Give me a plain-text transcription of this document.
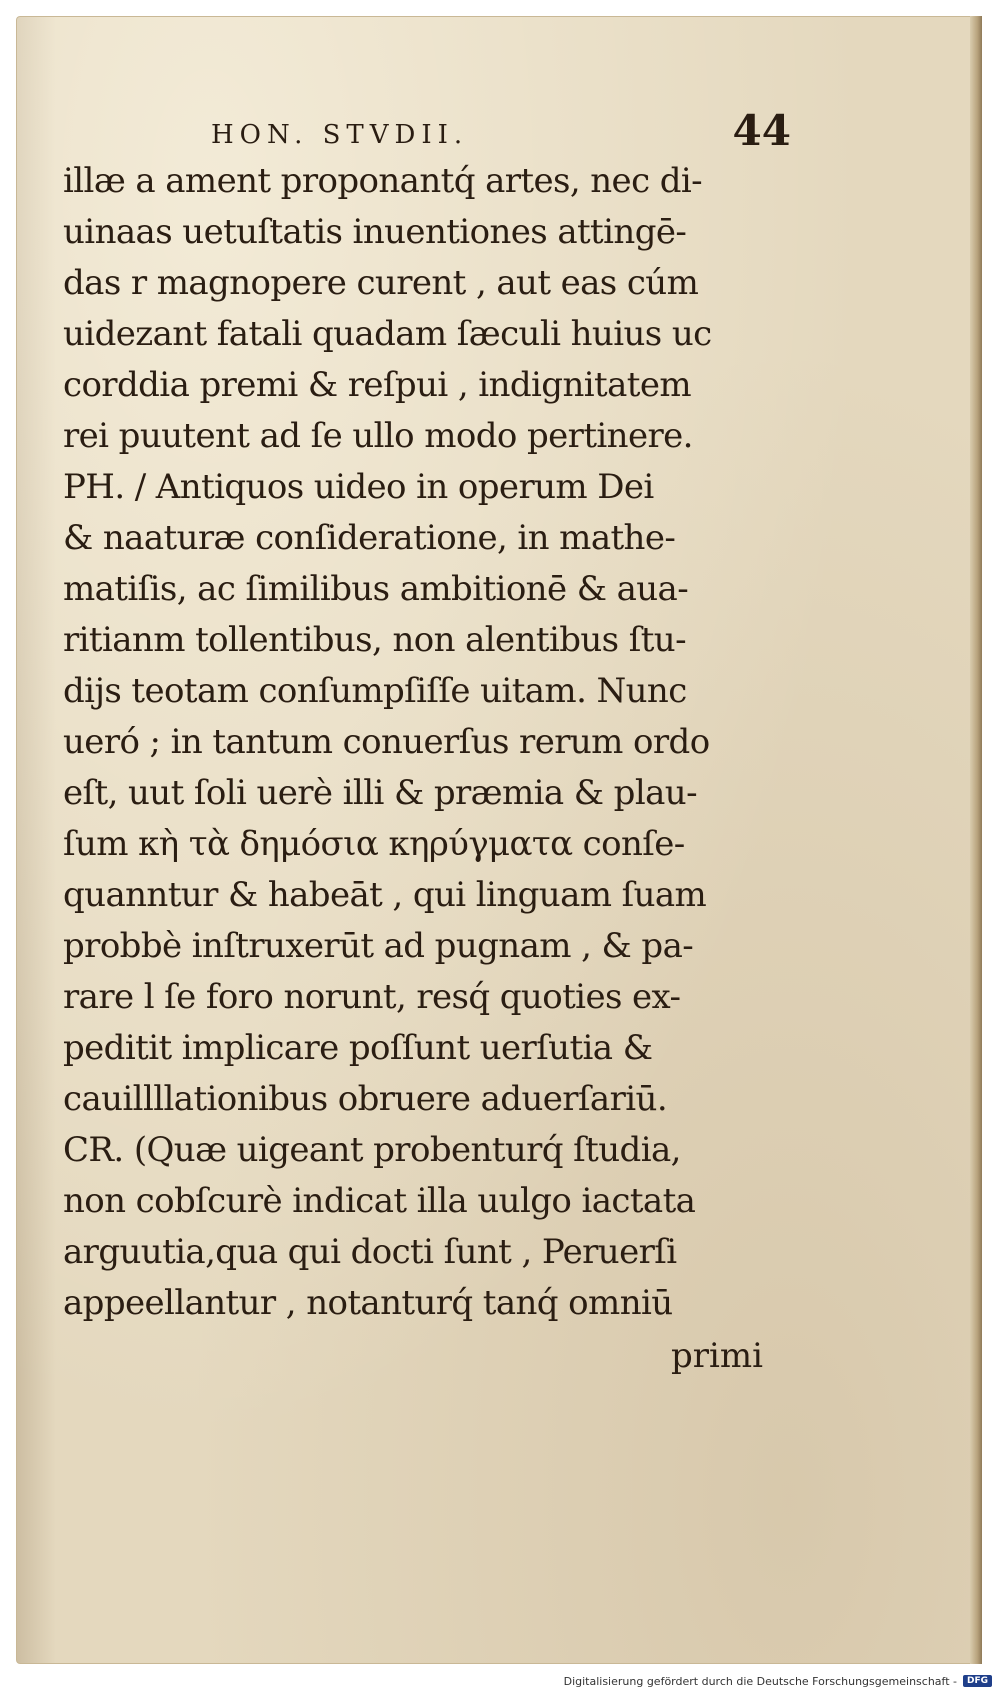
HON. STVDII.	44
illæ a ament proponantq́ artes, nec di-
uinaas uetuſtatis inuentiones attingē-
das r magnopere curent , aut eas cúm
uidezant fatali quadam ſæculi huius uc
corddia premi & reſpui , indignitatem
rei puutent ad ſe ullo modo pertinere.
PH. / Antiquos uideo in operum Dei
& naaturæ conſideratione, in mathe-
matiſis, ac ſimilibus ambitionē & aua-
ritianm tollentibus, non alentibus ſtu-
dijs teotam conſumpſiſſe uitam. Nunc
ueró ; in tantum conuerſus rerum ordo
eſt, uut ſoli uerè illi & præmia & plau-
ſum κὴ τὰ δημόσια κηρύγματα conſe-
quanntur & habeāt , qui linguam ſuam
probbè inſtruxerūt ad pugnam , & pa-
rare l ſe foro norunt, resq́ quoties ex-
peditit implicare poſſunt uerſutia &
cauillllationibus obruere aduerſariū.
CR. (Quæ uigeant probenturq́ ſtudia,
non cobſcurè indicat illa uulgo iactata
arguutia,qua qui docti ſunt , Peruerſi
appeellantur , notanturq́ tanq́ omniū
primi
Digitalisierung gefördert durch die Deutsche Forschungsgemeinschaft -	DFG
